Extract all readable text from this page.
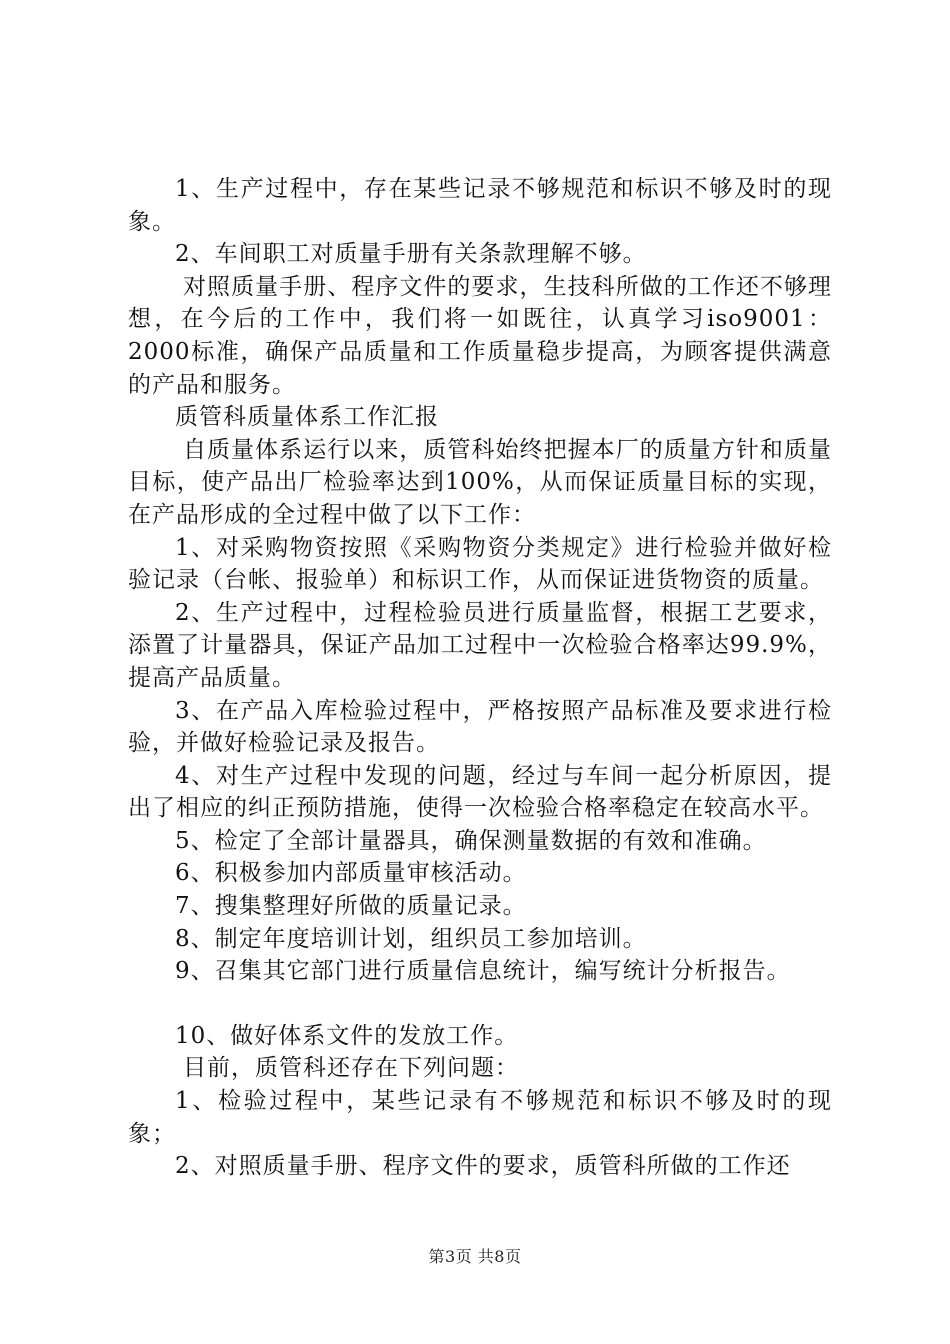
1、生产过程中，存在某些记录不够规范和标识不够及时的现象。

2、车间职工对质量手册有关条款理解不够。

对照质量手册、程序文件的要求，生技科所做的工作还不够理想，在今后的工作中，我们将一如既往，认真学习iso9001：2000标准，确保产品质量和工作质量稳步提高，为顾客提供满意的产品和服务。

质管科质量体系工作汇报

自质量体系运行以来，质管科始终把握本厂的质量方针和质量目标，使产品出厂检验率达到100%，从而保证质量目标的实现，在产品形成的全过程中做了以下工作：

1、对采购物资按照《采购物资分类规定》进行检验并做好检验记录（台帐、报验单）和标识工作，从而保证进货物资的质量。

2、生产过程中，过程检验员进行质量监督，根据工艺要求，添置了计量器具，保证产品加工过程中一次检验合格率达99.9%，提高产品质量。

3、在产品入库检验过程中，严格按照产品标准及要求进行检验，并做好检验记录及报告。

4、对生产过程中发现的问题，经过与车间一起分析原因，提出了相应的纠正预防措施，使得一次检验合格率稳定在较高水平。

5、检定了全部计量器具，确保测量数据的有效和准确。

6、积极参加内部质量审核活动。

7、搜集整理好所做的质量记录。

8、制定年度培训计划，组织员工参加培训。

9、召集其它部门进行质量信息统计，编写统计分析报告。

10、做好体系文件的发放工作。

目前，质管科还存在下列问题：

1、检验过程中，某些记录有不够规范和标识不够及时的现象；

2、对照质量手册、程序文件的要求，质管科所做的工作还

第3页 共8页
